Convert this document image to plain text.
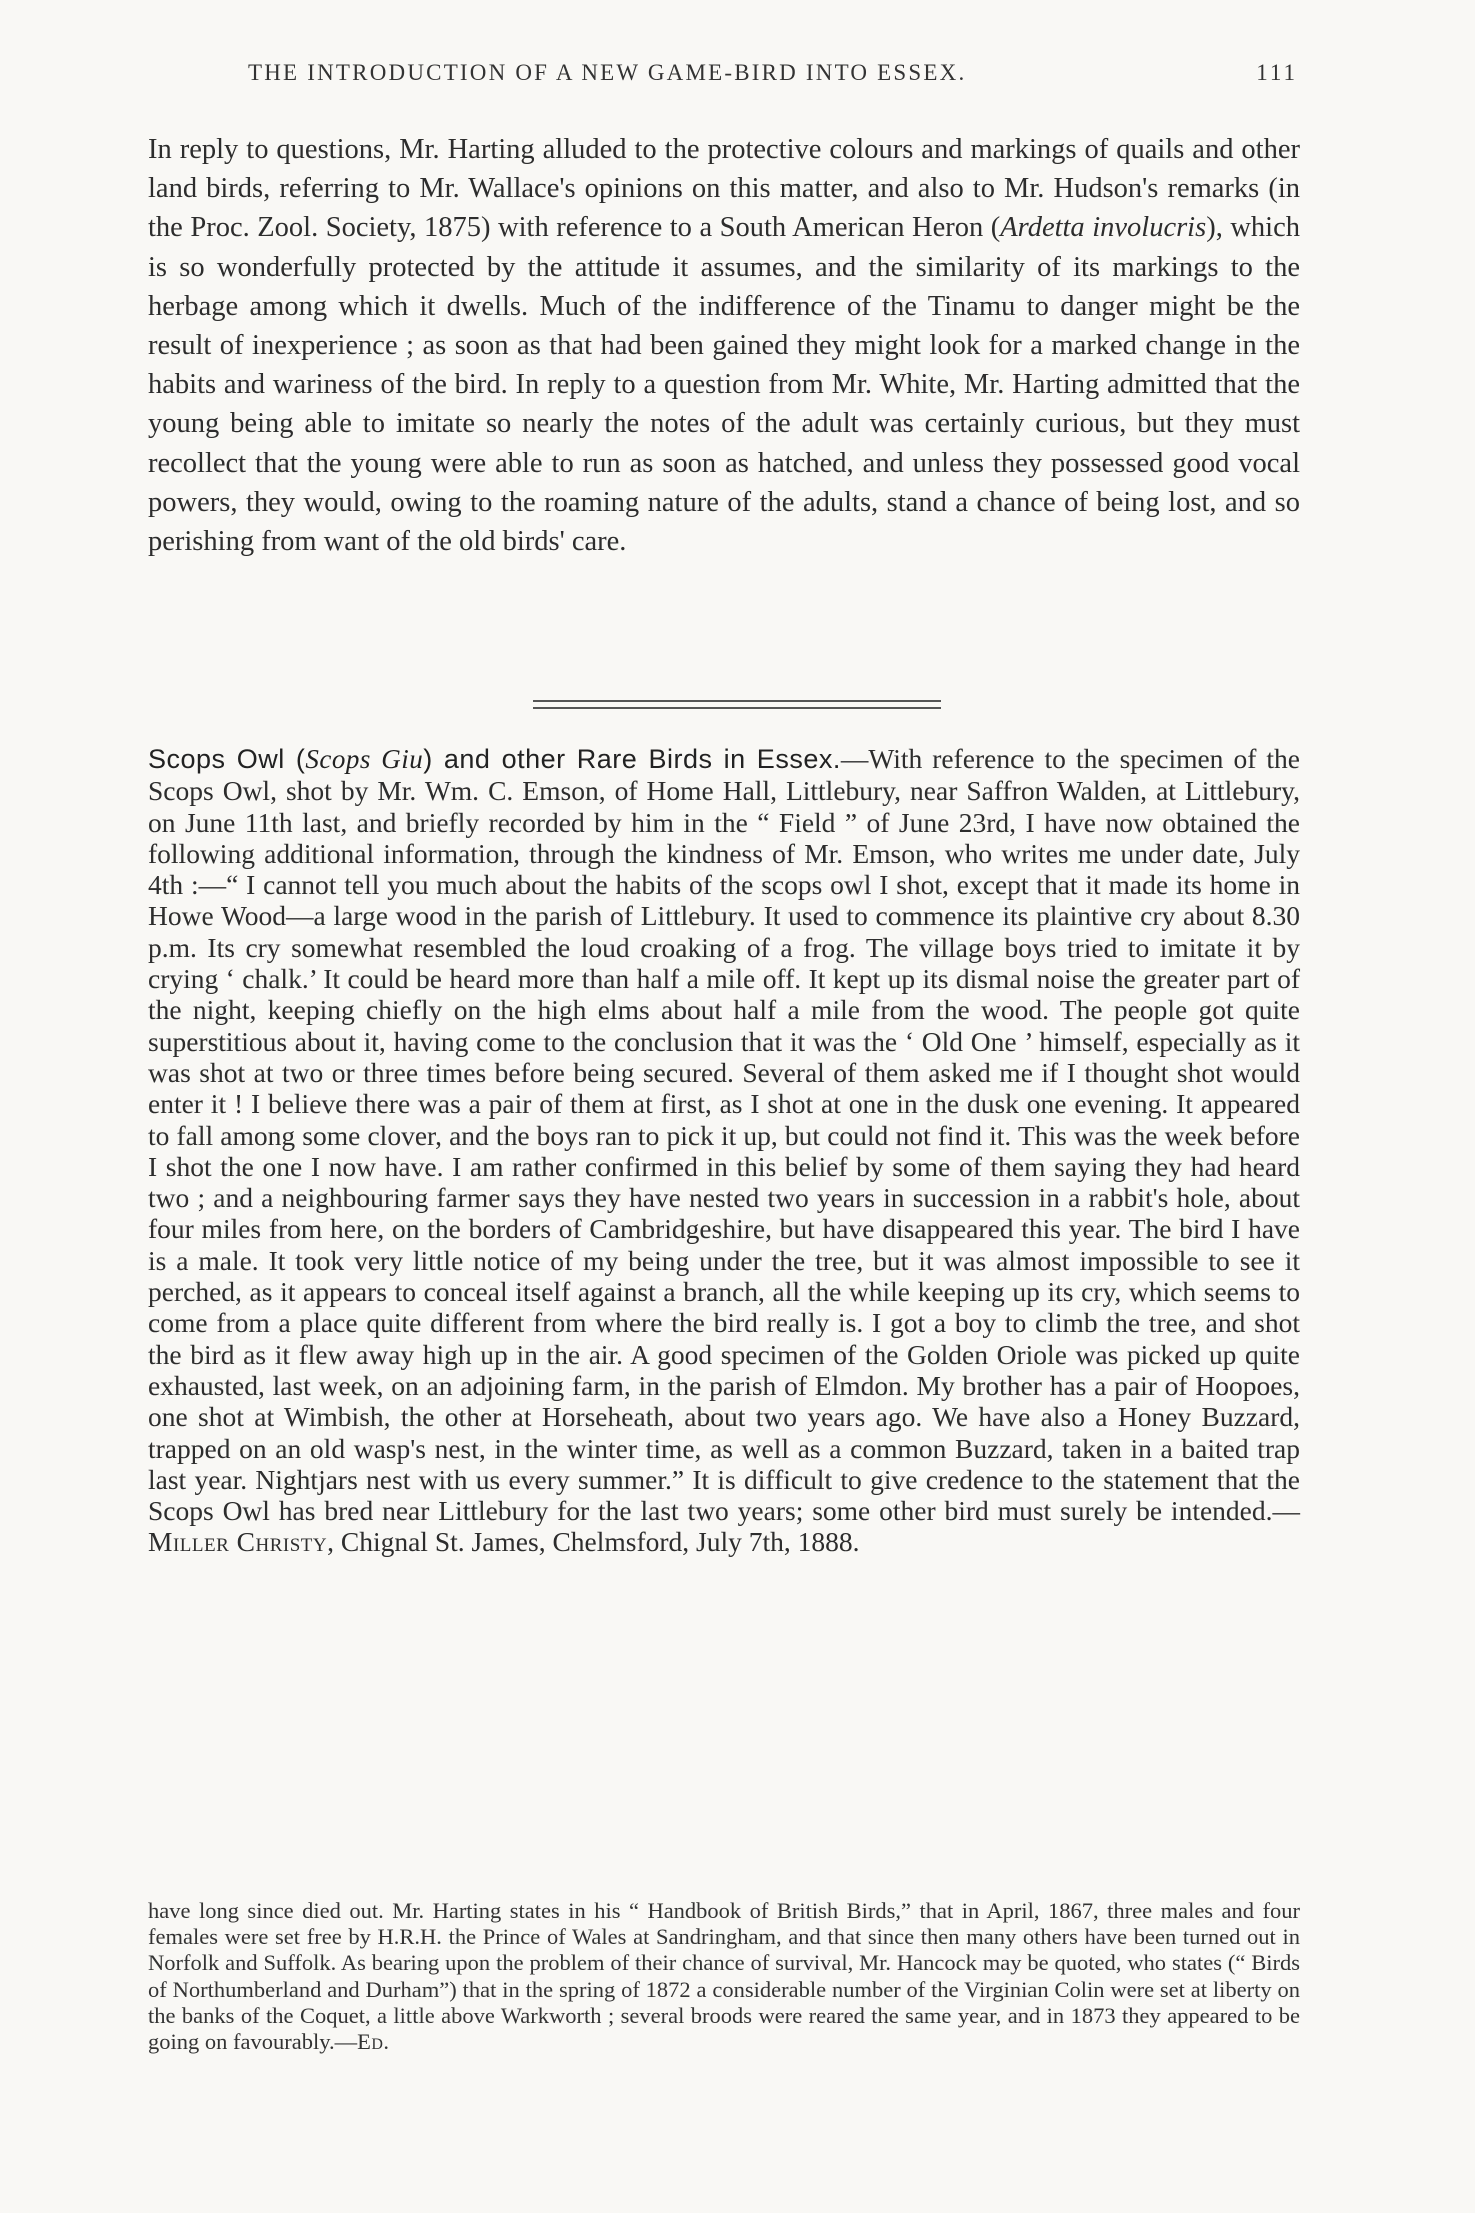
THE INTRODUCTION OF A NEW GAME-BIRD INTO ESSEX.	111

In reply to questions, Mr. Harting alluded to the protective colours and markings of quails and other land birds, referring to Mr. Wallace's opinions on this matter, and also to Mr. Hudson's remarks (in the Proc. Zool. Society, 1875) with reference to a South American Heron (Ardetta involucris), which is so wonderfully protected by the attitude it assumes, and the similarity of its markings to the herbage among which it dwells. Much of the indifference of the Tinamu to danger might be the result of inexperience ; as soon as that had been gained they might look for a marked change in the habits and wariness of the bird. In reply to a question from Mr. White, Mr. Harting admitted that the young being able to imitate so nearly the notes of the adult was certainly curious, but they must recollect that the young were able to run as soon as hatched, and unless they possessed good vocal powers, they would, owing to the roaming nature of the adults, stand a chance of being lost, and so perishing from want of the old birds' care.

Scops Owl (Scops Giu) and other Rare Birds in Essex.—With reference to the specimen of the Scops Owl, shot by Mr. Wm. C. Emson, of Home Hall, Littlebury, near Saffron Walden, at Littlebury, on June 11th last, and briefly recorded by him in the “ Field ” of June 23rd, I have now obtained the following additional information, through the kindness of Mr. Emson, who writes me under date, July 4th :—“ I cannot tell you much about the habits of the scops owl I shot, except that it made its home in Howe Wood—a large wood in the parish of Littlebury. It used to commence its plaintive cry about 8.30 p.m. Its cry somewhat resembled the loud croaking of a frog. The village boys tried to imitate it by crying ‘ chalk.’ It could be heard more than half a mile off. It kept up its dismal noise the greater part of the night, keeping chiefly on the high elms about half a mile from the wood. The people got quite superstitious about it, having come to the conclusion that it was the ‘ Old One ’ himself, especially as it was shot at two or three times before being secured. Several of them asked me if I thought shot would enter it ! I believe there was a pair of them at first, as I shot at one in the dusk one evening. It appeared to fall among some clover, and the boys ran to pick it up, but could not find it. This was the week before I shot the one I now have. I am rather confirmed in this belief by some of them saying they had heard two ; and a neighbouring farmer says they have nested two years in succession in a rabbit's hole, about four miles from here, on the borders of Cambridgeshire, but have disappeared this year. The bird I have is a male. It took very little notice of my being under the tree, but it was almost impossible to see it perched, as it appears to conceal itself against a branch, all the while keeping up its cry, which seems to come from a place quite different from where the bird really is. I got a boy to climb the tree, and shot the bird as it flew away high up in the air. A good specimen of the Golden Oriole was picked up quite exhausted, last week, on an adjoining farm, in the parish of Elmdon. My brother has a pair of Hoopoes, one shot at Wimbish, the other at Horseheath, about two years ago. We have also a Honey Buzzard, trapped on an old wasp's nest, in the winter time, as well as a common Buzzard, taken in a baited trap last year. Nightjars nest with us every summer.” It is difficult to give credence to the statement that the Scops Owl has bred near Littlebury for the last two years; some other bird must surely be intended.—Miller Christy, Chignal St. James, Chelmsford, July 7th, 1888.

have long since died out. Mr. Harting states in his “ Handbook of British Birds,” that in April, 1867, three males and four females were set free by H.R.H. the Prince of Wales at Sandringham, and that since then many others have been turned out in Norfolk and Suffolk. As bearing upon the problem of their chance of survival, Mr. Hancock may be quoted, who states (“ Birds of Northumberland and Durham”) that in the spring of 1872 a considerable number of the Virginian Colin were set at liberty on the banks of the Coquet, a little above Warkworth ; several broods were reared the same year, and in 1873 they appeared to be going on favourably.—Ed.
